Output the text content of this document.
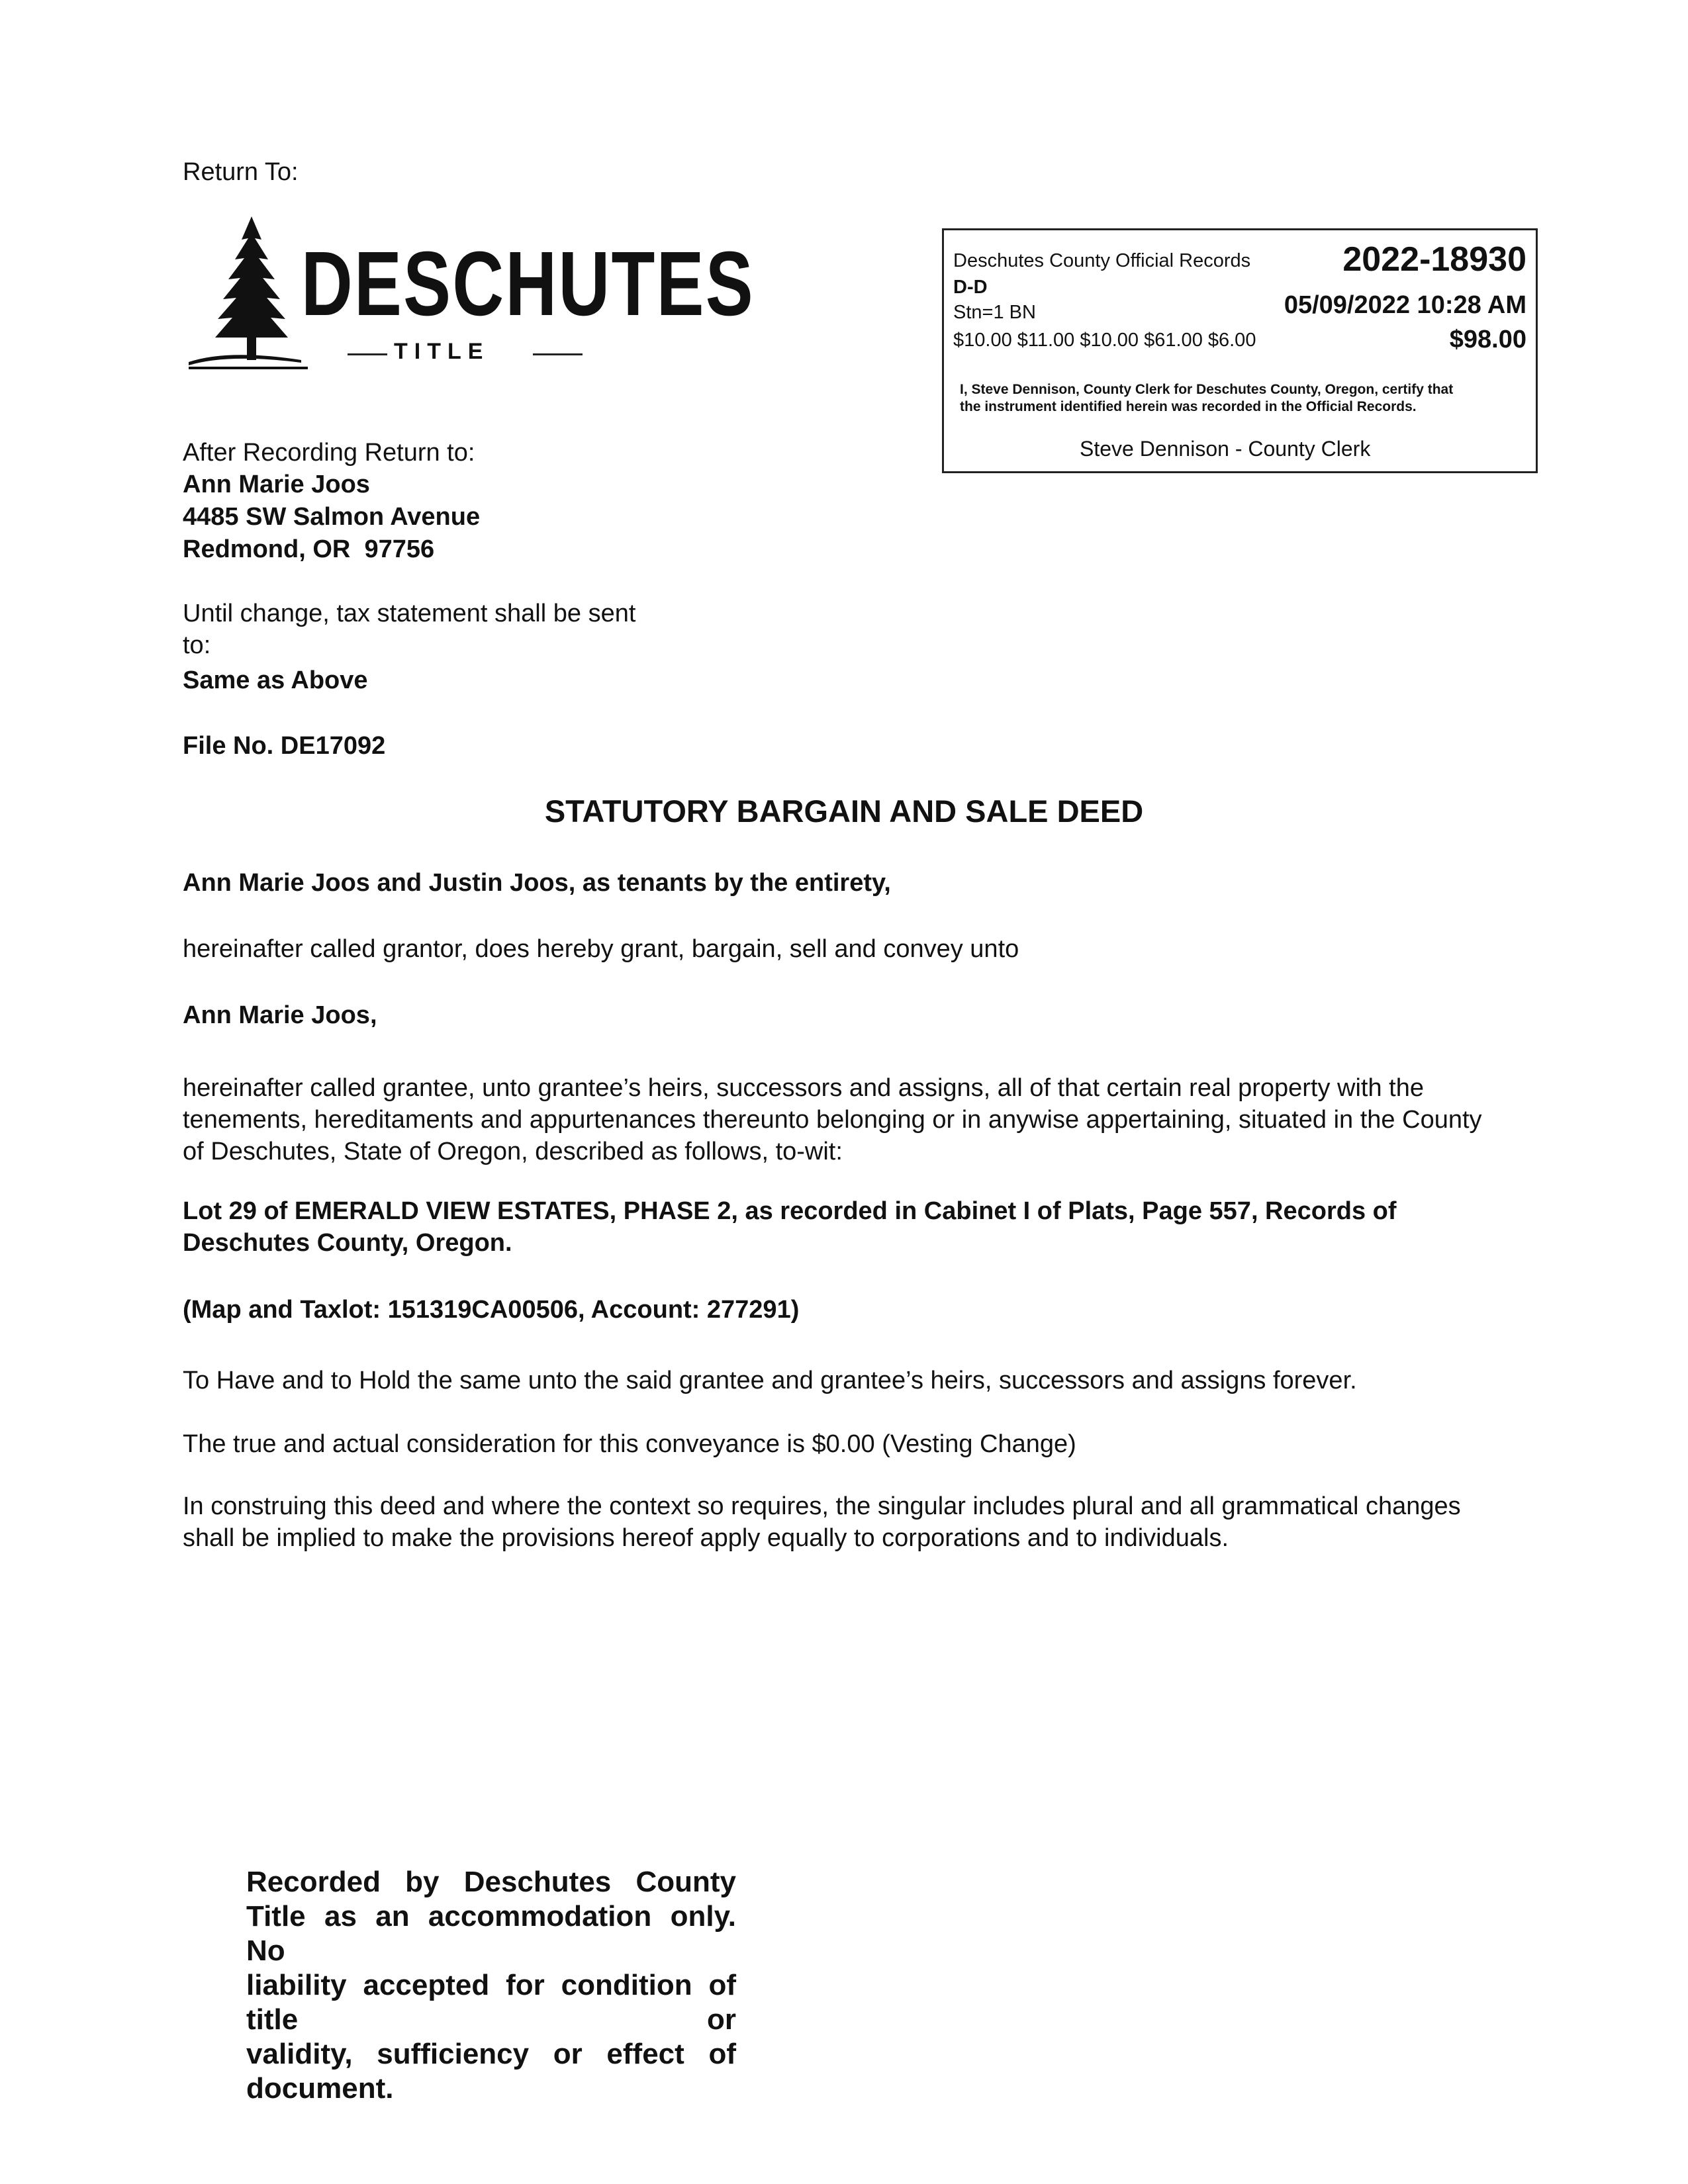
Return To:
DESCHUTES
TITLE
Deschutes County Official Records	2022-18930
D-D
Stn=1 BN	05/09/2022 10:28 AM
$10.00 $11.00 $10.00 $61.00 $6.00	$98.00
I, Steve Dennison, County Clerk for Deschutes County, Oregon, certify that the instrument identified herein was recorded in the Official Records.
Steve Dennison - County Clerk
After Recording Return to:
Ann Marie Joos
4485 SW Salmon Avenue
Redmond, OR  97756
Until change, tax statement shall be sent to:
Same as Above
File No. DE17092
STATUTORY BARGAIN AND SALE DEED
Ann Marie Joos and Justin Joos, as tenants by the entirety,
hereinafter called grantor, does hereby grant, bargain, sell and convey unto
Ann Marie Joos,
hereinafter called grantee, unto grantee’s heirs, successors and assigns, all of that certain real property with the tenements, hereditaments and appurtenances thereunto belonging or in anywise appertaining, situated in the County of Deschutes, State of Oregon, described as follows, to-wit:
Lot 29 of EMERALD VIEW ESTATES, PHASE 2, as recorded in Cabinet I of Plats, Page 557, Records of Deschutes County, Oregon.
(Map and Taxlot: 151319CA00506, Account: 277291)
To Have and to Hold the same unto the said grantee and grantee’s heirs, successors and assigns forever.
The true and actual consideration for this conveyance is $0.00 (Vesting Change)
In construing this deed and where the context so requires, the singular includes plural and all grammatical changes shall be implied to make the provisions hereof apply equally to corporations and to individuals.
Recorded   by   Deschutes   County
Title as an accommodation only. No
liability accepted for condition of title or
validity, sufficiency or effect of document.
